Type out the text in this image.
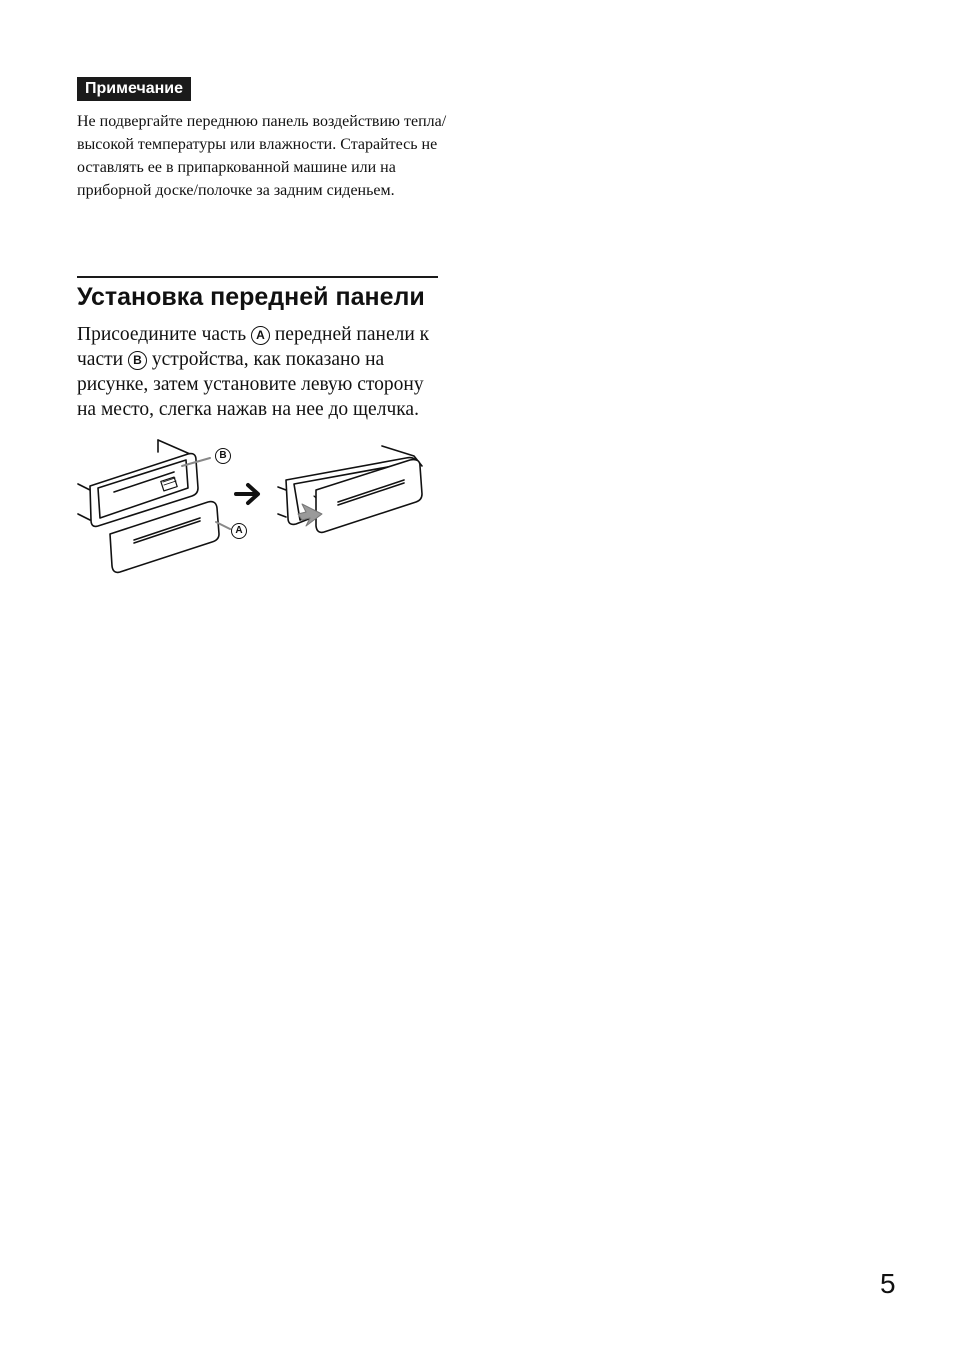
Примечание
Не подвергайте переднюю панель воздействию тепла/высокой температуры или влажности. Старайтесь не оставлять ее в припаркованной машине или на приборной доске/полочке за задним сиденьем.
Установка передней панели
Присоедините часть A передней панели к части B устройства, как показано на рисунке, затем установите левую сторону на место, слегка нажав на нее до щелчка.
B
A
5
